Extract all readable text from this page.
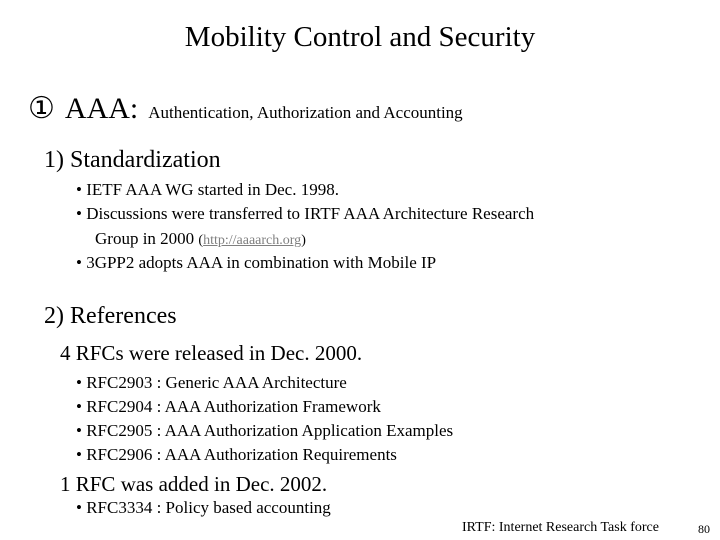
Mobility Control and Security
① AAA : Authentication, Authorization and Accounting
1) Standardization
• IETF AAA WG started in Dec. 1998.
• Discussions were transferred to IRTF AAA Architecture Research
Group in 2000 (http://aaaarch.org)
• 3GPP2 adopts AAA in combination with Mobile IP
2) References
4 RFCs were released in Dec. 2000.
• RFC2903 : Generic AAA Architecture
• RFC2904 : AAA Authorization Framework
• RFC2905 : AAA Authorization Application Examples
• RFC2906 : AAA Authorization Requirements
1 RFC was added in Dec. 2002.
• RFC3334 : Policy based accounting
IRTF: Internet Research Task force	80
